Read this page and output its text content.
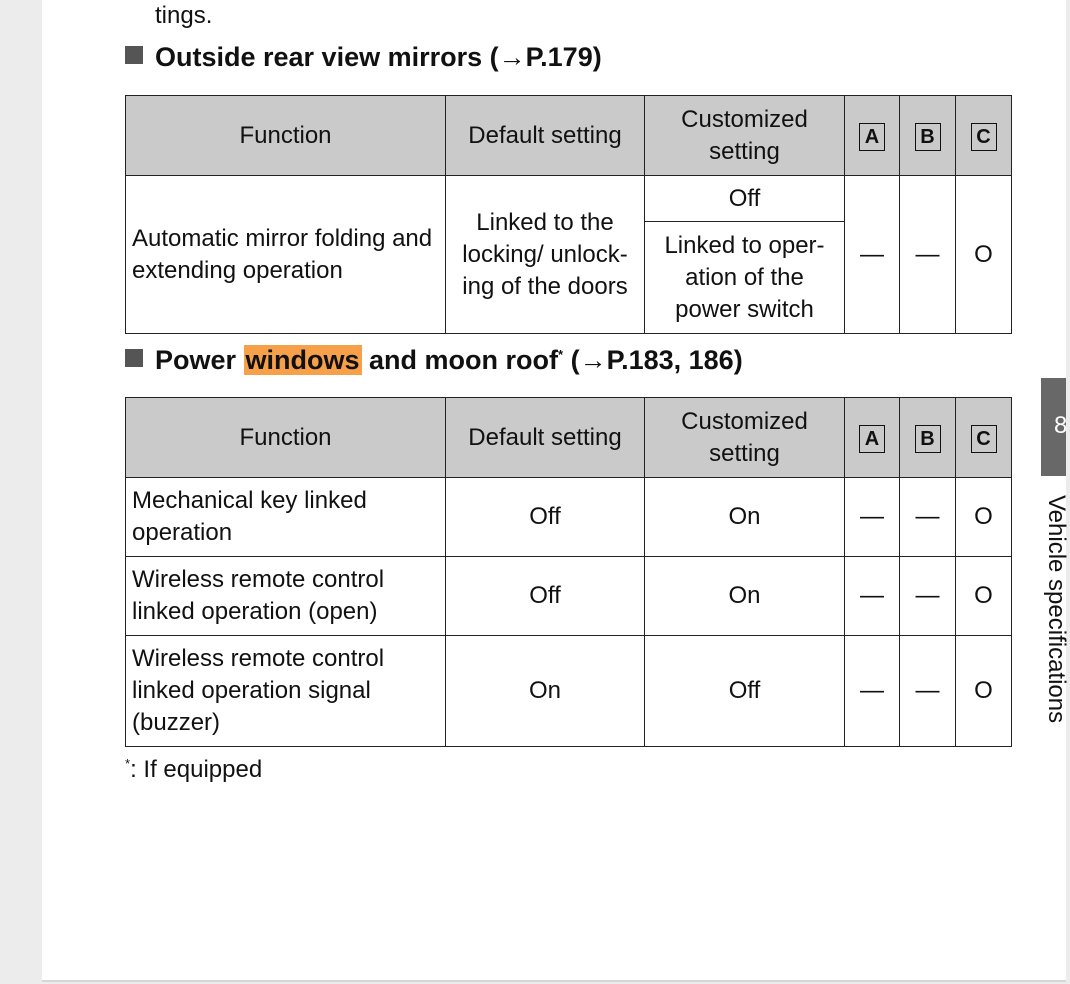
tings.
Outside rear view mirrors (→P.179)
Function	Default setting	Customized setting	A	B	C
Automatic mirror folding and extending operation	Linked to the locking/ unlock-ing of the doors	Off	—	—	O
		Linked to oper-ation of the power switch			
Power windows and moon roof* (→P.183, 186)
Function	Default setting	Customized setting	A	B	C
Mechanical key linked operation	Off	On	—	—	O
Wireless remote control linked operation (open)	Off	On	—	—	O
Wireless remote control linked operation signal (buzzer)	On	Off	—	—	O
*: If equipped
8
Vehicle specifications
